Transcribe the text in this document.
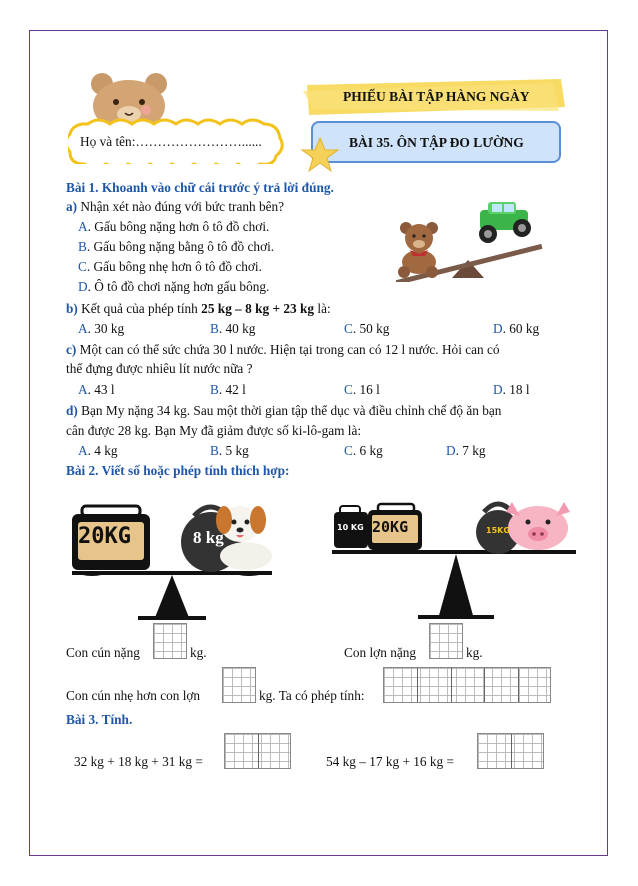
Họ và tên:……………………......
PHIẾU BÀI TẬP HÀNG NGÀY
BÀI 35. ÔN TẬP ĐO LƯỜNG
Bài 1. Khoanh vào chữ cái trước ý trả lời đúng.
a) Nhận xét nào đúng với bức tranh bên?
A. Gấu bông nặng hơn ô tô đồ chơi.
B. Gấu bông nặng bằng ô tô đồ chơi.
C. Gấu bông nhẹ hơn ô tô đồ chơi.
D. Ô tô đồ chơi nặng hơn gấu bông.
b) Kết quả của phép tính 25 kg – 8 kg + 23 kg là:
A. 30 kg	B. 40 kg	C. 50 kg	D. 60 kg
c) Một can có thể sức chứa 30 l nước. Hiện tại trong can có 12 l nước. Hỏi can có
thể đựng được nhiêu lít nước nữa ?
A. 43 l	B. 42 l	C. 16 l	D. 18 l
d) Bạn My nặng 34 kg. Sau một thời gian tập thể dục và điều chỉnh chế độ ăn bạn
cân được 28 kg. Bạn My đã giảm được số ki-lô-gam là:
A. 4 kg	B. 5 kg	C. 6 kg	D. 7 kg
Bài 2. Viết số hoặc phép tính thích hợp:
20KG	8 kg
10 KG 20KG	15KG
Con cún nặng	kg.	Con lợn nặng	kg.
Con cún nhẹ hơn con lợn	kg. Ta có phép tính:
Bài 3. Tính.
32 kg + 18 kg + 31 kg =	54 kg – 17 kg + 16 kg =
